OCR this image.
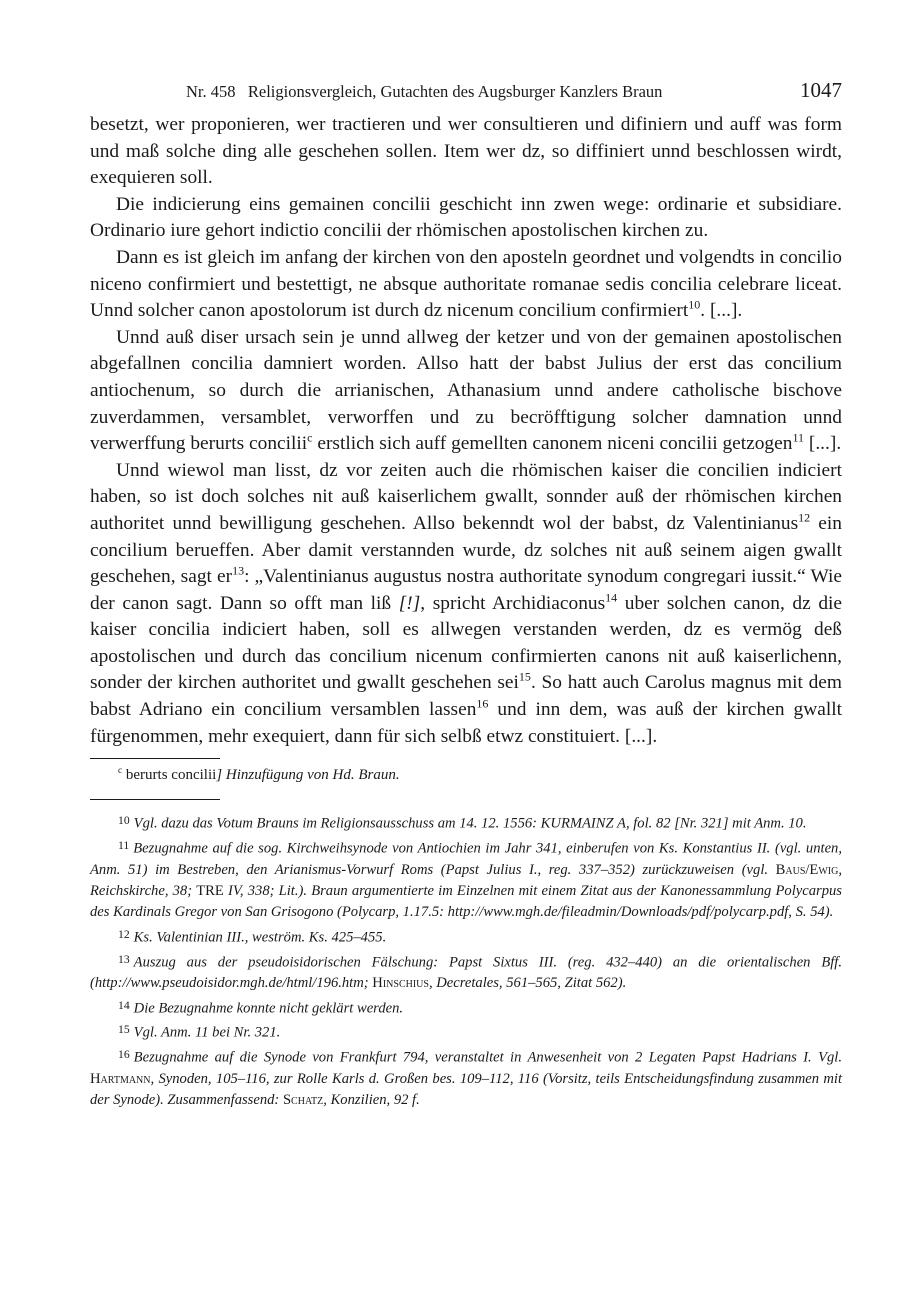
Nr. 458   Religionsvergleich, Gutachten des Augsburger Kanzlers Braun	1047

besetzt, wer proponieren, wer tractieren und wer consultieren und difiniern und auff was form und maß solche ding alle geschehen sollen. Item wer dz, so diffiniert unnd beschlossen wirdt, exequieren soll.

Die indicierung eins gemainen concilii geschicht inn zwen wege: ordinarie et subsidiare. Ordinario iure gehort indictio concilii der rhömischen apostolischen kirchen zu.

Dann es ist gleich im anfang der kirchen von den aposteln geordnet und volgendts in concilio niceno confirmiert und bestettigt, ne absque authoritate romanae sedis concilia celebrare liceat. Unnd solcher canon apostolorum ist durch dz nicenum concilium confirmiert$^{10}$. [...].

Unnd auß diser ursach sein je unnd allweg der ketzer und von der gemainen apostolischen abgefallnen concilia damniert worden. Allso hatt der babst Julius der erst das concilium antiochenum, so durch die arrianischen, Athanasium unnd andere catholische bischove zuverdammen, versamblet, verworffen und zu becröfftigung solcher damnation unnd verwerffung berurts concilii$^c$ erstlich sich auff gemellten canonem niceni concilii getzogen$^{11}$ [...].

Unnd wiewol man lisst, dz vor zeiten auch die rhömischen kaiser die concilien indiciert haben, so ist doch solches nit auß kaiserlichem gwallt, sonnder auß der rhömischen kirchen authoritet unnd bewilligung geschehen. Allso bekenndt wol der babst, dz Valentinianus$^{12}$ ein concilium berueffen. Aber damit verstannden wurde, dz solches nit auß seinem aigen gwallt geschehen, sagt $er^{13}$: „Valentinianus augustus nostra authoritate synodum congregari iussit.“ Wie der canon sagt. Dann so offt man liß [!], spricht Archidiaconus$^{14}$ uber solchen canon, dz die kaiser concilia indiciert haben, soll es allwegen verstanden werden, dz es vermög deß apostolischen und durch das concilium nicenum confirmierten canons nit auß kaiserlichenn, sonder der kirchen authoritet und gwallt geschehen sei$^{15}$. So hatt auch Carolus magnus mit dem babst Adriano ein concilium versamblen lassen$^{16}$ und inn dem, was auß der kirchen gwallt fürgenommen, mehr exequiert, dann für sich selbß etwz constituiert. [...].

$^c$ berurts concilii] Hinzufügung von Hd. Braun.

$^{10}$ Vgl. dazu das Votum Brauns im Religionsausschuss am 14. 12. 1556: KURMAINZ A, fol. 82 [Nr. 321] mit Anm. 10.

$^{11}$ Bezugnahme auf die sog. Kirchweihsynode von Antiochien im Jahr 341, einberufen von Ks. Konstantius II. (vgl. unten, Anm. 51) im Bestreben, den Arianismus-Vorwurf Roms (Papst Julius I., reg. 337–352) zurückzuweisen (vgl. Baus/Ewig, Reichskirche, 38; TRE IV, 338; Lit.). Braun argumentierte im Einzelnen mit einem Zitat aus der Kanonessammlung Polycarpus des Kardinals Gregor von San Grisogono (Polycarp, 1.17.5: http://www.mgh.de/fileadmin/Downloads/pdf/polycarp.pdf, S. 54).

$^{12}$ Ks. Valentinian III., weström. Ks. 425–455.

$^{13}$ Auszug aus der pseudoisidorischen Fälschung: Papst Sixtus III. (reg. 432–440) an die orientalischen Bff. (http://www.pseudoisidor.mgh.de/html/196.htm; Hinschius, Decretales, 561–565, Zitat 562).

$^{14}$ Die Bezugnahme konnte nicht geklärt werden.

$^{15}$ Vgl. Anm. 11 bei Nr. 321.

$^{16}$ Bezugnahme auf die Synode von Frankfurt 794, veranstaltet in Anwesenheit von 2 Legaten Papst Hadrians I. Vgl. Hartmann, Synoden, 105–116, zur Rolle Karls d. Großen bes. 109–112, 116 (Vorsitz, teils Entscheidungsfindung zusammen mit der Synode). Zusammenfassend: Schatz, Konzilien, 92 f.
